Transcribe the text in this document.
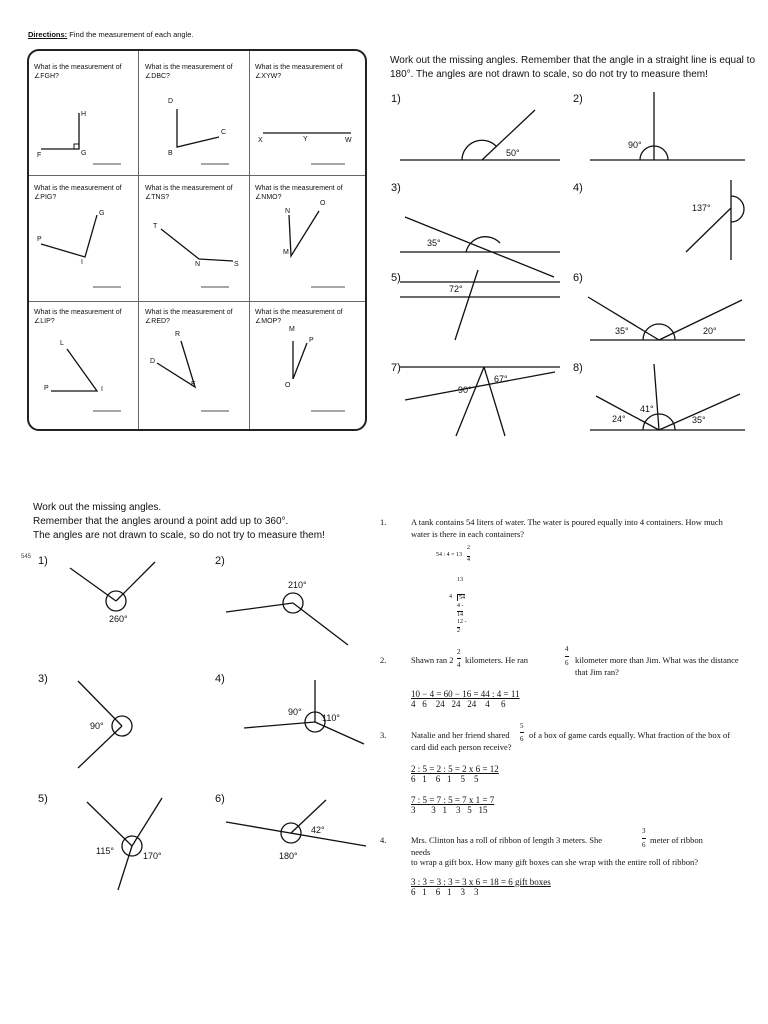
Directions: Find the measurement of each angle.
What is the measurement of ∠FGH?
What is the measurement of ∠DBC?
What is the measurement of ∠XYW?
What is the measurement of ∠PIG?
What is the measurement of ∠TNS?
What is the measurement of ∠NMO?
What is the measurement of ∠LIP?
What is the measurement of ∠RED?
What is the measurement of ∠MOP?
H
F	G
D
C
B
X	Y	W
G
P
I
T
N	S
N
O
M
L
P	I
R
D
E
M
P
O
Work out the missing angles. Remember that the angle in a straight line is equal to 180°. The angles are not drawn to scale, so do not try to measure them!
1)	2)
3)	4)
5)	6)
7)	8)
50°
90°
35°
137°
72°
35°	20°
90°
67°
24°
41°
35°
Work out the missing angles.
Remember that the angles around a point add up to 360°.
The angles are not drawn to scale, so do not try to measure them!
545 1)	2)
3)	4)
5)	6)
260°
210°
90°
90°
110°
115°	170°
42°
180°
1.	A tank contains 54 liters of water. The water is poured equally into 4 containers. How much water is there in each containers?
54 : 4 = 13
2
4
13
4	54
4 -
14
12 -
2
2.	Shawn ran 2
2
4 kilometers. He ran
4
6 kilometer more than Jim. What was the distance that Jim ran?
10 − 4 = 60 − 16 = 44 : 4 = 11
4   6    24   24   24    4     6
3.	Natalie and her friend shared
5
6 of a box of game cards equally. What fraction of the box of card did each person receive?
2 : 5 = 2 : 5 = 2 x 6 = 12
6   1    6   1    5    5
7 : 5 = 7 : 5 = 7 x 1 = 7
3       3   1    3   5   15
4.	Mrs. Clinton has a roll of ribbon of length 3 meters. She needs
3
6 meter of ribbon
to wrap a gift box. How many gift boxes can she wrap with the entire roll of ribbon?
3 : 3 = 3 : 3 = 3 x 6 = 18 = 6 gift boxes
6   1    6   1    3    3
